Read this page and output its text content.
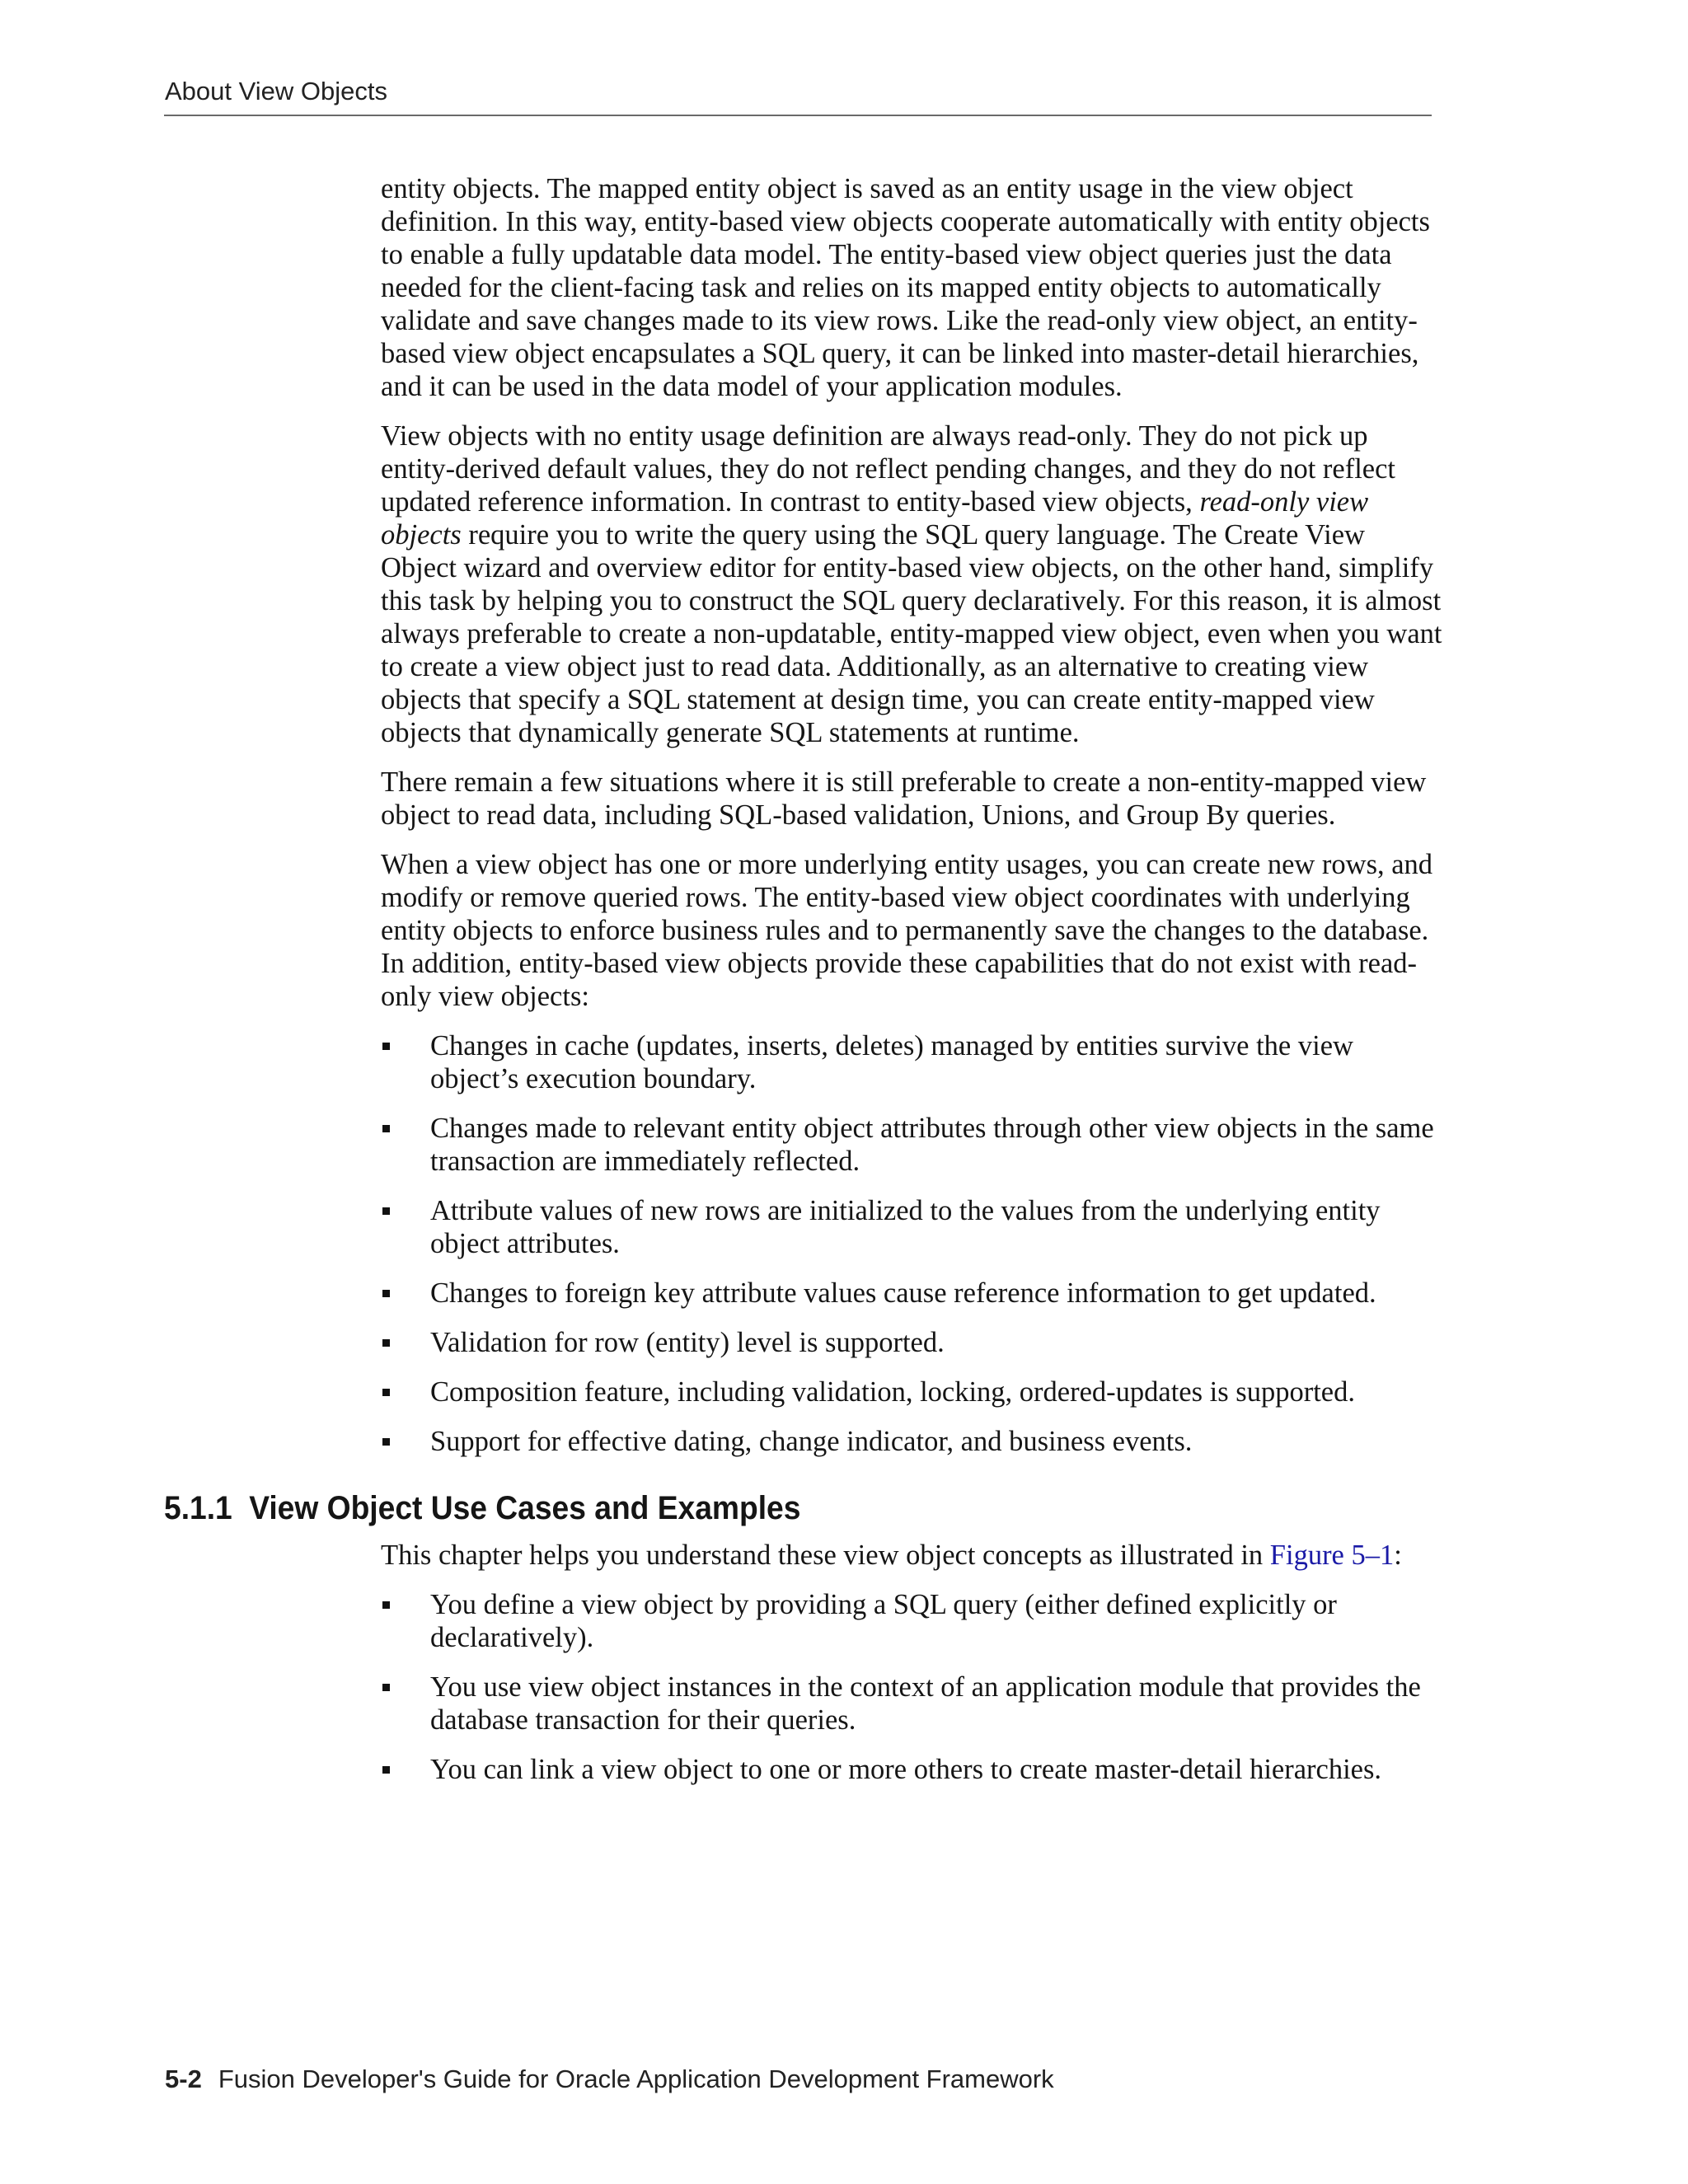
About View Objects

entity objects. The mapped entity object is saved as an entity usage in the view object definition. In this way, entity-based view objects cooperate automatically with entity objects to enable a fully updatable data model. The entity-based view object queries just the data needed for the client-facing task and relies on its mapped entity objects to automatically validate and save changes made to its view rows. Like the read-only view object, an entity-based view object encapsulates a SQL query, it can be linked into master-detail hierarchies, and it can be used in the data model of your application modules.

View objects with no entity usage definition are always read-only. They do not pick up entity-derived default values, they do not reflect pending changes, and they do not reflect updated reference information. In contrast to entity-based view objects, read-only view objects require you to write the query using the SQL query language. The Create View Object wizard and overview editor for entity-based view objects, on the other hand, simplify this task by helping you to construct the SQL query declaratively. For this reason, it is almost always preferable to create a non-updatable, entity-mapped view object, even when you want to create a view object just to read data. Additionally, as an alternative to creating view objects that specify a SQL statement at design time, you can create entity-mapped view objects that dynamically generate SQL statements at runtime.

There remain a few situations where it is still preferable to create a non-entity-mapped view object to read data, including SQL-based validation, Unions, and Group By queries.

When a view object has one or more underlying entity usages, you can create new rows, and modify or remove queried rows. The entity-based view object coordinates with underlying entity objects to enforce business rules and to permanently save the changes to the database. In addition, entity-based view objects provide these capabilities that do not exist with read-only view objects:

Changes in cache (updates, inserts, deletes) managed by entities survive the view object’s execution boundary.
Changes made to relevant entity object attributes through other view objects in the same transaction are immediately reflected.
Attribute values of new rows are initialized to the values from the underlying entity object attributes.
Changes to foreign key attribute values cause reference information to get updated.
Validation for row (entity) level is supported.
Composition feature, including validation, locking, ordered-updates is supported.
Support for effective dating, change indicator, and business events.
5.1.1 View Object Use Cases and Examples

This chapter helps you understand these view object concepts as illustrated in Figure 5–1:

You define a view object by providing a SQL query (either defined explicitly or declaratively).
You use view object instances in the context of an application module that provides the database transaction for their queries.
You can link a view object to one or more others to create master-detail hierarchies.
5-2 Fusion Developer's Guide for Oracle Application Development Framework
